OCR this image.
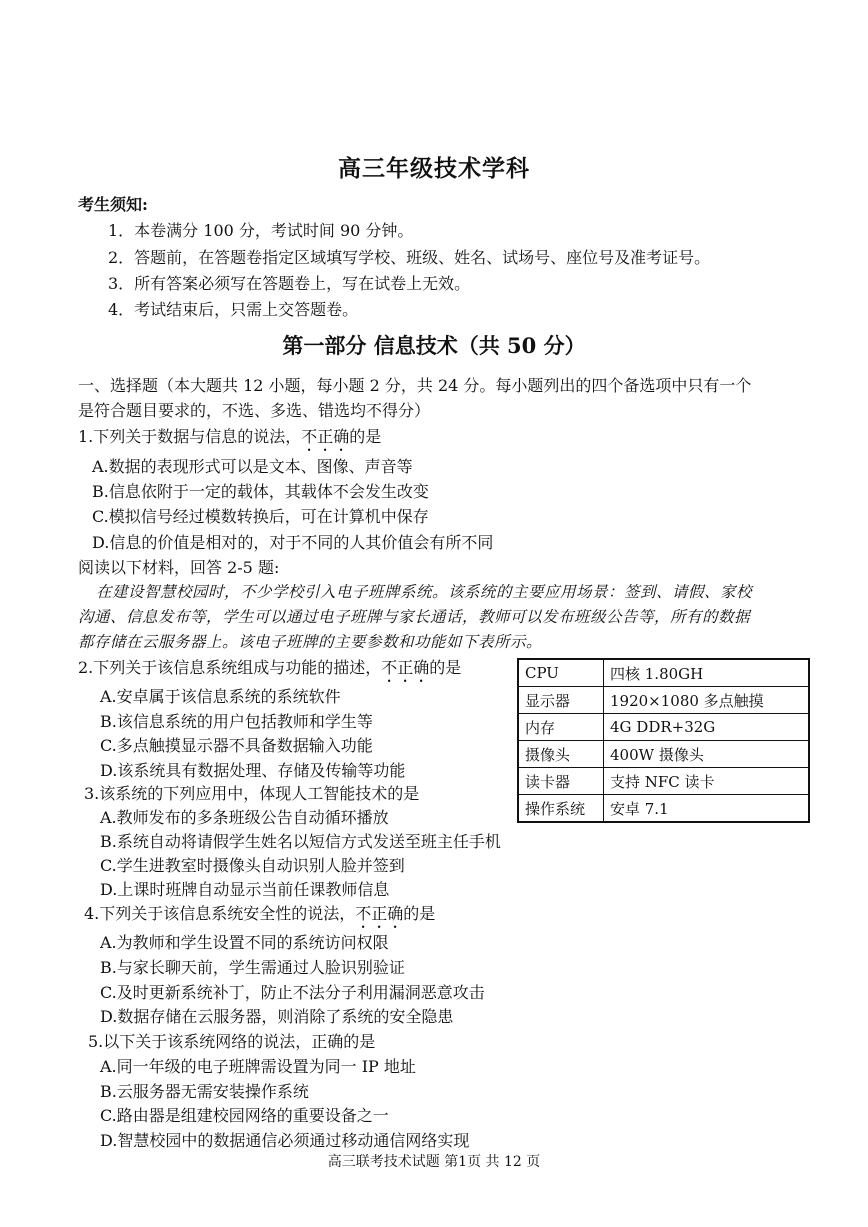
高三年级技术学科
考生须知:
1．本卷满分 100 分，考试时间 90 分钟。
2．答题前，在答题卷指定区域填写学校、班级、姓名、试场号、座位号及准考证号。
3．所有答案必须写在答题卷上，写在试卷上无效。
4．考试结束后，只需上交答题卷。
第一部分 信息技术（共 50 分）
一、选择题（本大题共 12 小题，每小题 2 分，共 24 分。每小题列出的四个备选项中只有一个
是符合题目要求的，不选、多选、错选均不得分）
1.下列关于数据与信息的说法，不正确的是
A.数据的表现形式可以是文本、图像、声音等
B.信息依附于一定的载体，其载体不会发生改变
C.模拟信号经过模数转换后，可在计算机中保存
D.信息的价值是相对的，对于不同的人其价值会有所不同
阅读以下材料，回答 2-5 题:
在建设智慧校园时，不少学校引入电子班牌系统。该系统的主要应用场景：签到、请假、家校
沟通、信息发布等，学生可以通过电子班牌与家长通话，教师可以发布班级公告等，所有的数据
都存储在云服务器上。该电子班牌的主要参数和功能如下表所示。
CPU	四核 1.80GH
显示器	1920×1080 多点触摸
内存	4G DDR+32G
摄像头	400W 摄像头
读卡器	支持 NFC 读卡
操作系统	安卓 7.1
2.下列关于该信息系统组成与功能的描述，不正确的是
A.安卓属于该信息系统的系统软件
B.该信息系统的用户包括教师和学生等
C.多点触摸显示器不具备数据输入功能
D.该系统具有数据处理、存储及传输等功能
3.该系统的下列应用中，体现人工智能技术的是
A.教师发布的多条班级公告自动循环播放
B.系统自动将请假学生姓名以短信方式发送至班主任手机
C.学生进教室时摄像头自动识别人脸并签到
D.上课时班牌自动显示当前任课教师信息
4.下列关于该信息系统安全性的说法，不正确的是
A.为教师和学生设置不同的系统访问权限
B.与家长聊天前，学生需通过人脸识别验证
C.及时更新系统补丁，防止不法分子利用漏洞恶意攻击
D.数据存储在云服务器，则消除了系统的安全隐患
5.以下关于该系统网络的说法，正确的是
A.同一年级的电子班牌需设置为同一 IP 地址
B.云服务器无需安装操作系统
C.路由器是组建校园网络的重要设备之一
D.智慧校园中的数据通信必须通过移动通信网络实现
高三联考技术试题 第1页 共 12 页
